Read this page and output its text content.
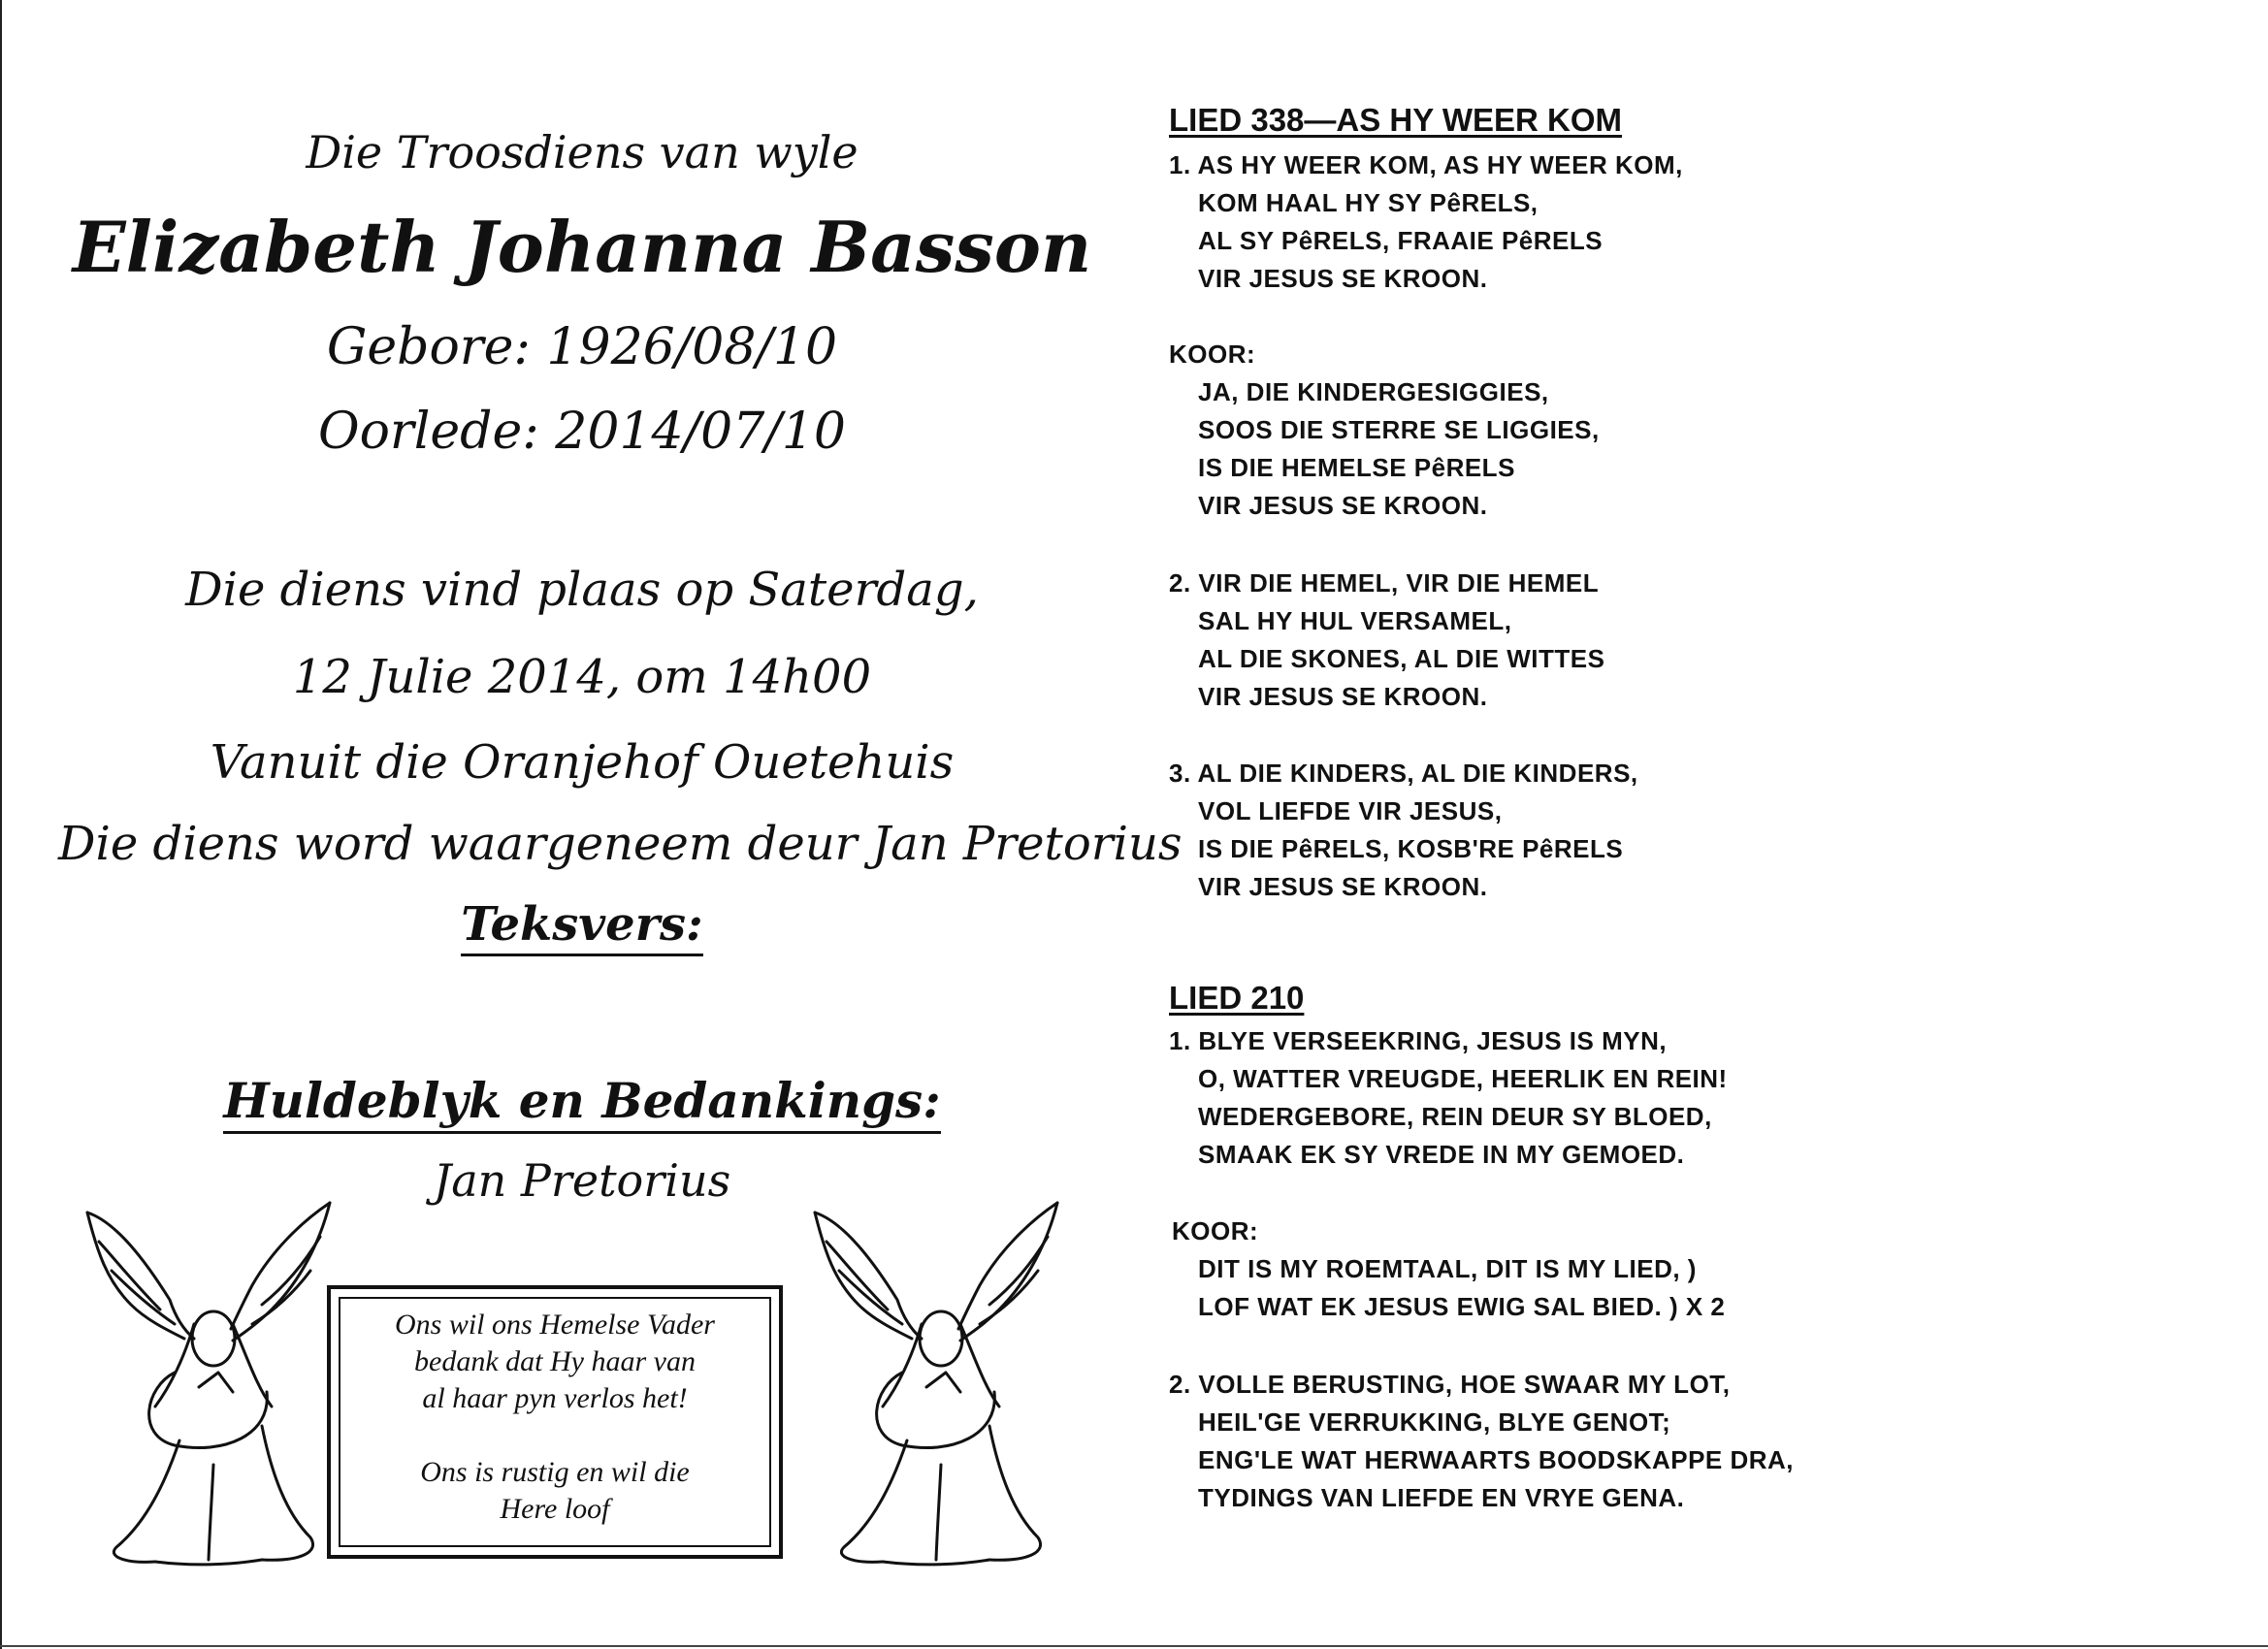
Die Troosdiens van wyle
Elizabeth Johanna Basson
Gebore: 1926/08/10
Oorlede: 2014/07/10
Die diens vind plaas op Saterdag,
12 Julie 2014, om 14h00
Vanuit die Oranjehof Ouetehuis
Die diens word waargeneem deur Jan Pretorius
Teksvers:
Huldeblyk en Bedankings:
Jan Pretorius
Ons wil ons Hemelse Vader
bedank dat Hy haar van
al haar pyn verlos het!
Ons is rustig en wil die
Here loof
LIED 338—AS HY WEER KOM
1. AS HY WEER KOM, AS HY WEER KOM,
KOM HAAL HY SY PêRELS,
AL SY PêRELS, FRAAIE PêRELS
VIR JESUS SE KROON.
KOOR:
JA, DIE KINDERGESIGGIES,
SOOS DIE STERRE SE LIGGIES,
IS DIE HEMELSE PêRELS
VIR JESUS SE KROON.
2. VIR DIE HEMEL, VIR DIE HEMEL
SAL HY HUL VERSAMEL,
AL DIE SKONES, AL DIE WITTES
VIR JESUS SE KROON.
3. AL DIE KINDERS, AL DIE KINDERS,
VOL LIEFDE VIR JESUS,
IS DIE PêRELS, KOSB'RE PêRELS
VIR JESUS SE KROON.
LIED 210
1. BLYE VERSEEKRING, JESUS IS MYN,
O, WATTER VREUGDE, HEERLIK EN REIN!
WEDERGEBORE, REIN DEUR SY BLOED,
SMAAK EK SY VREDE IN MY GEMOED.
KOOR:
DIT IS MY ROEMTAAL, DIT IS MY LIED, )
LOF WAT EK JESUS EWIG SAL BIED. ) X 2
2. VOLLE BERUSTING, HOE SWAAR MY LOT,
HEIL'GE VERRUKKING, BLYE GENOT;
ENG'LE WAT HERWAARTS BOODSKAPPE DRA,
TYDINGS VAN LIEFDE EN VRYE GENA.
